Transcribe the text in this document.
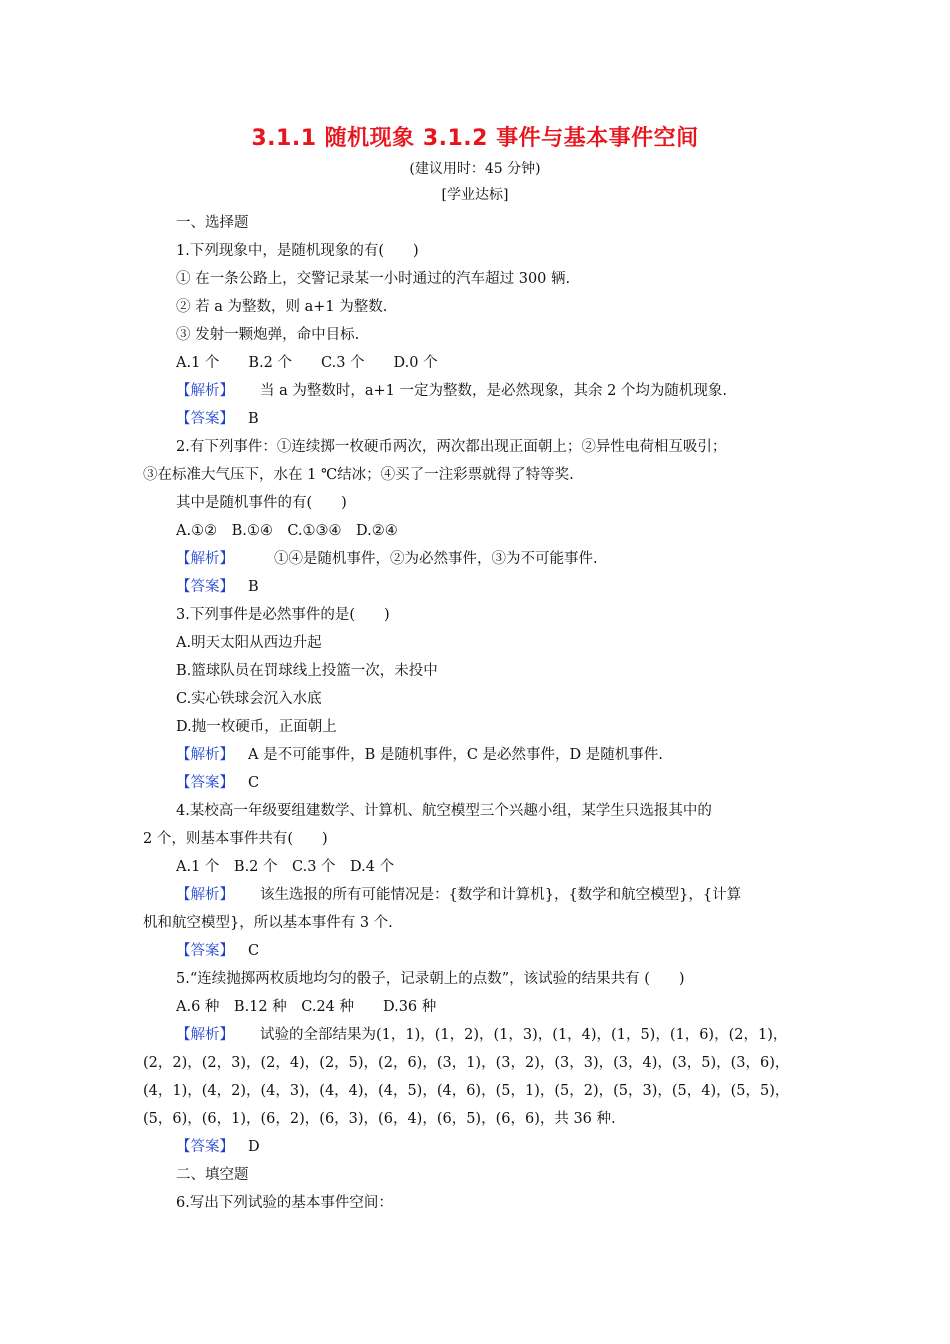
3.1.1 随机现象 3.1.2 事件与基本事件空间
(建议用时：45 分钟)
[学业达标]
一、选择题
1.下列现象中，是随机现象的有(　　)
① 在一条公路上，交警记录某一小时通过的汽车超过 300 辆.
② 若 a 为整数，则 a+1 为整数.
③ 发射一颗炮弹，命中目标.
A.1 个　　B.2 个　　C.3 个　　D.0 个
【解析】 当 a 为整数时，a+1 一定为整数，是必然现象，其余 2 个均为随机现象.
【答案】 B
2.有下列事件：①连续掷一枚硬币两次，两次都出现正面朝上；②异性电荷相互吸引；
③在标准大气压下，水在 1 ℃结冰；④买了一注彩票就得了特等奖.
其中是随机事件的有(　　)
A.①②　B.①④　C.①③④　D.②④
【解析】	①④是随机事件，②为必然事件，③为不可能事件.
【答案】 B
3.下列事件是必然事件的是(　　)
A.明天太阳从西边升起
B.篮球队员在罚球线上投篮一次，未投中
C.实心铁球会沉入水底
D.抛一枚硬币，正面朝上
【解析】 A 是不可能事件，B 是随机事件，C 是必然事件，D 是随机事件.
【答案】 C
4.某校高一年级要组建数学、计算机、航空模型三个兴趣小组，某学生只选报其中的
2 个，则基本事件共有(　　)
A.1 个　B.2 个　C.3 个　D.4 个
【解析】 该生选报的所有可能情况是：{数学和计算机}，{数学和航空模型}，{计算
机和航空模型}，所以基本事件有 3 个.
【答案】 C
5.“连续抛掷两枚质地均匀的骰子，记录朝上的点数”，该试验的结果共有 (　　)
A.6 种　B.12 种　C.24 种　　D.36 种
【解析】 试验的全部结果为(1，1)，(1，2)，(1，3)，(1，4)，(1，5)，(1，6)，(2，1)，
(2，2)，(2，3)，(2，4)，(2，5)，(2，6)，(3，1)，(3，2)，(3，3)，(3，4)，(3，5)，(3，6)，
(4，1)，(4，2)，(4，3)，(4，4)，(4，5)，(4，6)，(5，1)，(5，2)，(5，3)，(5，4)，(5，5)，
(5，6)，(6，1)，(6，2)，(6，3)，(6，4)，(6，5)，(6，6)，共 36 种.
【答案】 D
二、填空题
6.写出下列试验的基本事件空间：
